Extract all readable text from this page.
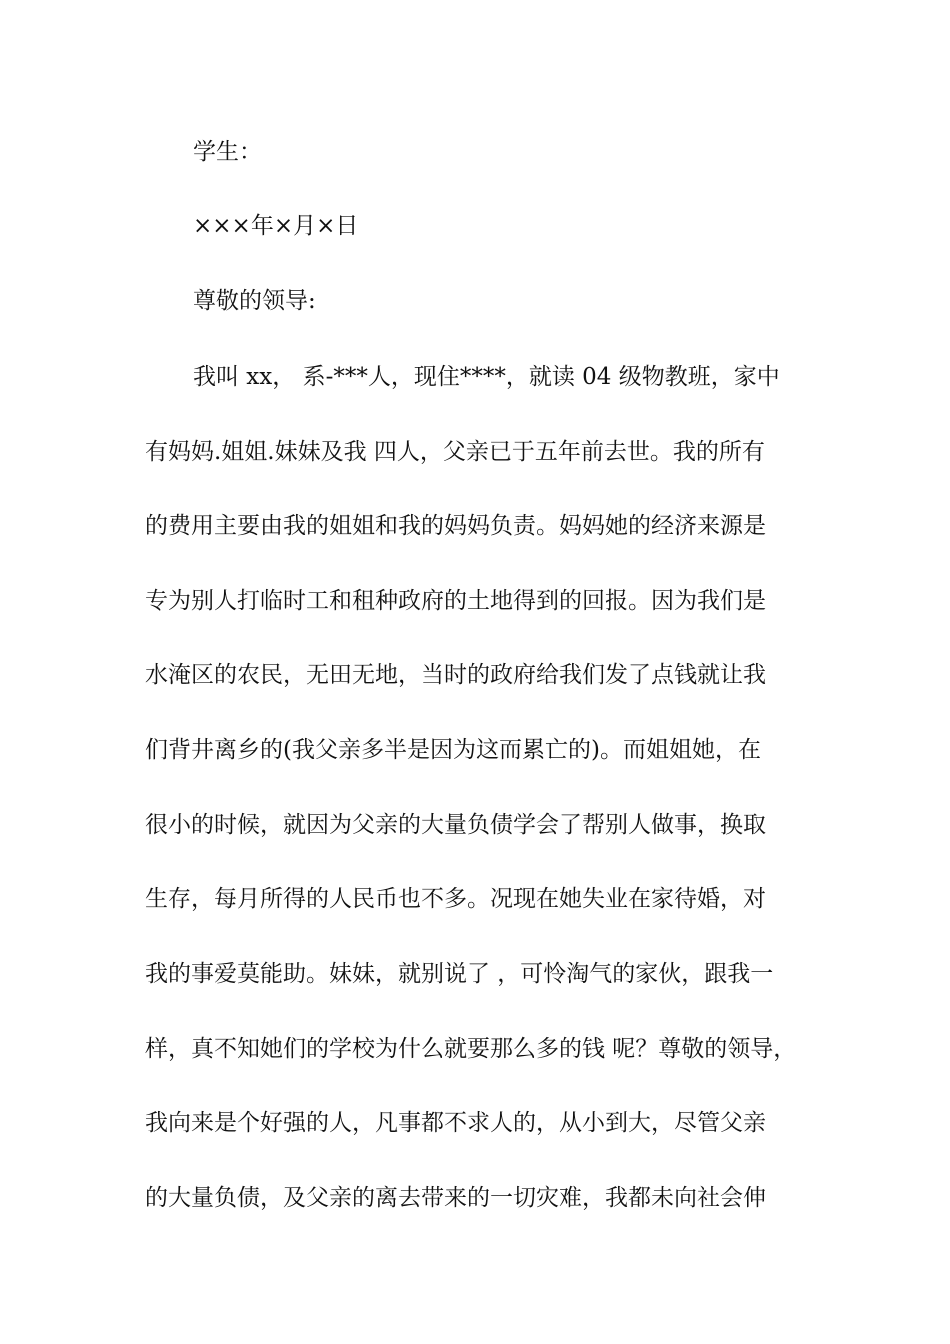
学生：
×××年×月×日
尊敬的领导:
我叫 xx， 系-***人，现住****，就读 04 级物教班，家中
有妈妈.姐姐.妹妹及我 四人，父亲已于五年前去世。我的所有
的费用主要由我的姐姐和我的妈妈负责。妈妈她的经济来源是
专为别人打临时工和租种政府的土地得到的回报。因为我们是
水淹区的农民，无田无地，当时的政府给我们发了点钱就让我
们背井离乡的(我父亲多半是因为这而累亡的)。而姐姐她，在
很小的时候，就因为父亲的大量负债学会了帮别人做事，换取
生存，每月所得的人民币也不多。况现在她失业在家待婚，对
我的事爱莫能助。妹妹，就别说了 ，可怜淘气的家伙，跟我一
样，真不知她们的学校为什么就要那么多的钱 呢？尊敬的领导，
我向来是个好强的人，凡事都不求人的，从小到大，尽管父亲
的大量负债，及父亲的离去带来的一切灾难，我都未向社会伸
